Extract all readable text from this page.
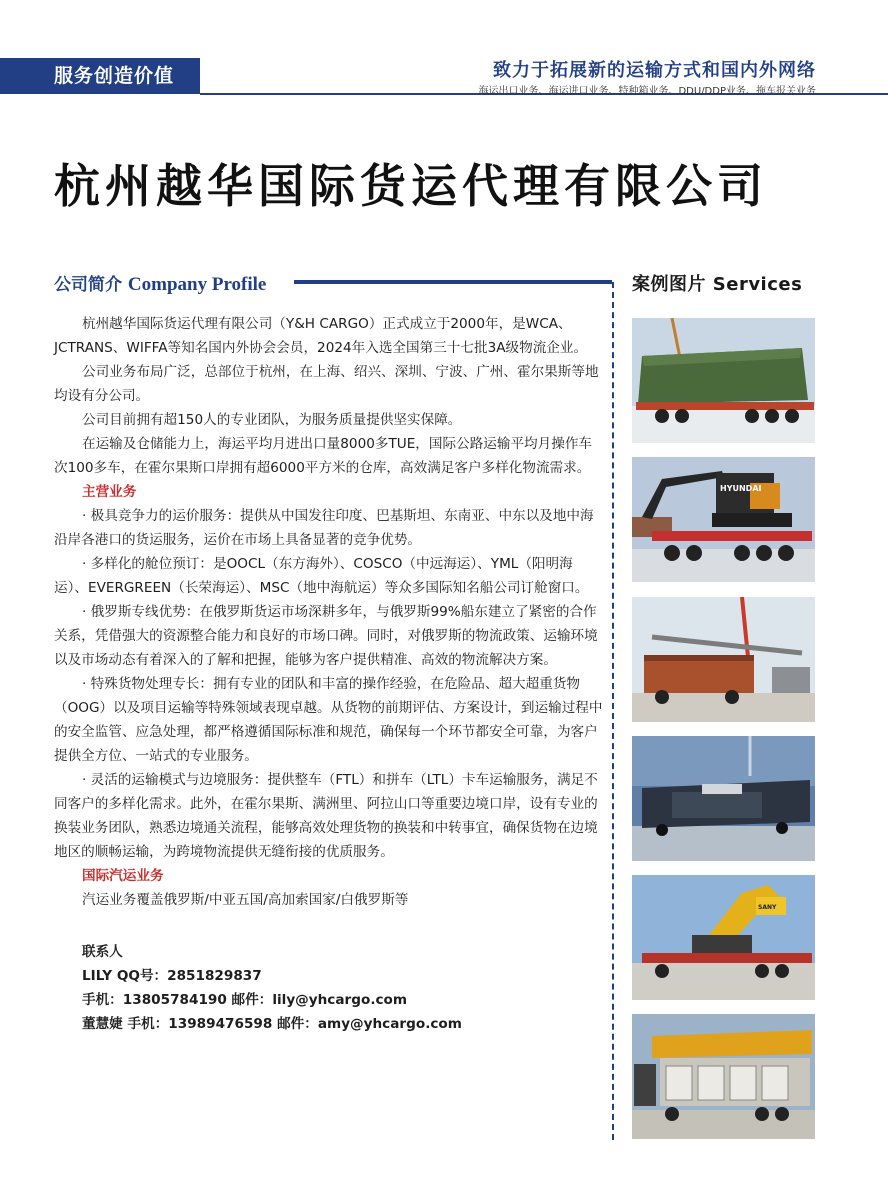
服务创造价值	致力于拓展新的运输方式和国内外网络
海运出口业务、海运进口业务、特种箱业务、DDU/DDP业务、拖车报关业务
杭州越华国际货运代理有限公司
公司简介 Company Profile	案例图片 Services

杭州越华国际货运代理有限公司（Y&H CARGO）正式成立于2000年，是WCA、JCTRANS、WIFFA等知名国内外协会会员，2024年入选全国第三十七批3A级物流企业。

公司业务布局广泛，总部位于杭州，在上海、绍兴、深圳、宁波、广州、霍尔果斯等地均设有分公司。

公司目前拥有超150人的专业团队，为服务质量提供坚实保障。

在运输及仓储能力上，海运平均月进出口量8000多TUE，国际公路运输平均月操作车次100多车，在霍尔果斯口岸拥有超6000平方米的仓库，高效满足客户多样化物流需求。

主营业务

· 极具竞争力的运价服务：提供从中国发往印度、巴基斯坦、东南亚、中东以及地中海沿岸各港口的货运服务，运价在市场上具备显著的竞争优势。

· 多样化的舱位预订：是OOCL（东方海外）、COSCO（中远海运）、YML（阳明海运）、EVERGREEN（长荣海运）、MSC（地中海航运）等众多国际知名船公司订舱窗口。

· 俄罗斯专线优势：在俄罗斯货运市场深耕多年，与俄罗斯99%船东建立了紧密的合作关系，凭借强大的资源整合能力和良好的市场口碑。同时，对俄罗斯的物流政策、运输环境以及市场动态有着深入的了解和把握，能够为客户提供精准、高效的物流解决方案。

· 特殊货物处理专长：拥有专业的团队和丰富的操作经验，在危险品、超大超重货物（OOG）以及项目运输等特殊领域表现卓越。从货物的前期评估、方案设计，到运输过程中的安全监管、应急处理，都严格遵循国际标准和规范，确保每一个环节都安全可靠，为客户提供全方位、一站式的专业服务。

· 灵活的运输模式与边境服务：提供整车（FTL）和拼车（LTL）卡车运输服务，满足不同客户的多样化需求。此外，在霍尔果斯、满洲里、阿拉山口等重要边境口岸，设有专业的换装业务团队，熟悉边境通关流程，能够高效处理货物的换装和中转事宜，确保货物在边境地区的顺畅运输，为跨境物流提供无缝衔接的优质服务。

国际汽运业务

汽运业务覆盖俄罗斯/中亚五国/高加索国家/白俄罗斯等

联系人

LILY QQ号：2851829837

手机：13805784190 邮件：lily@yhcargo.com

董慧婕 手机：13989476598 邮件：amy@yhcargo.com

HYUNDAI
SANY
